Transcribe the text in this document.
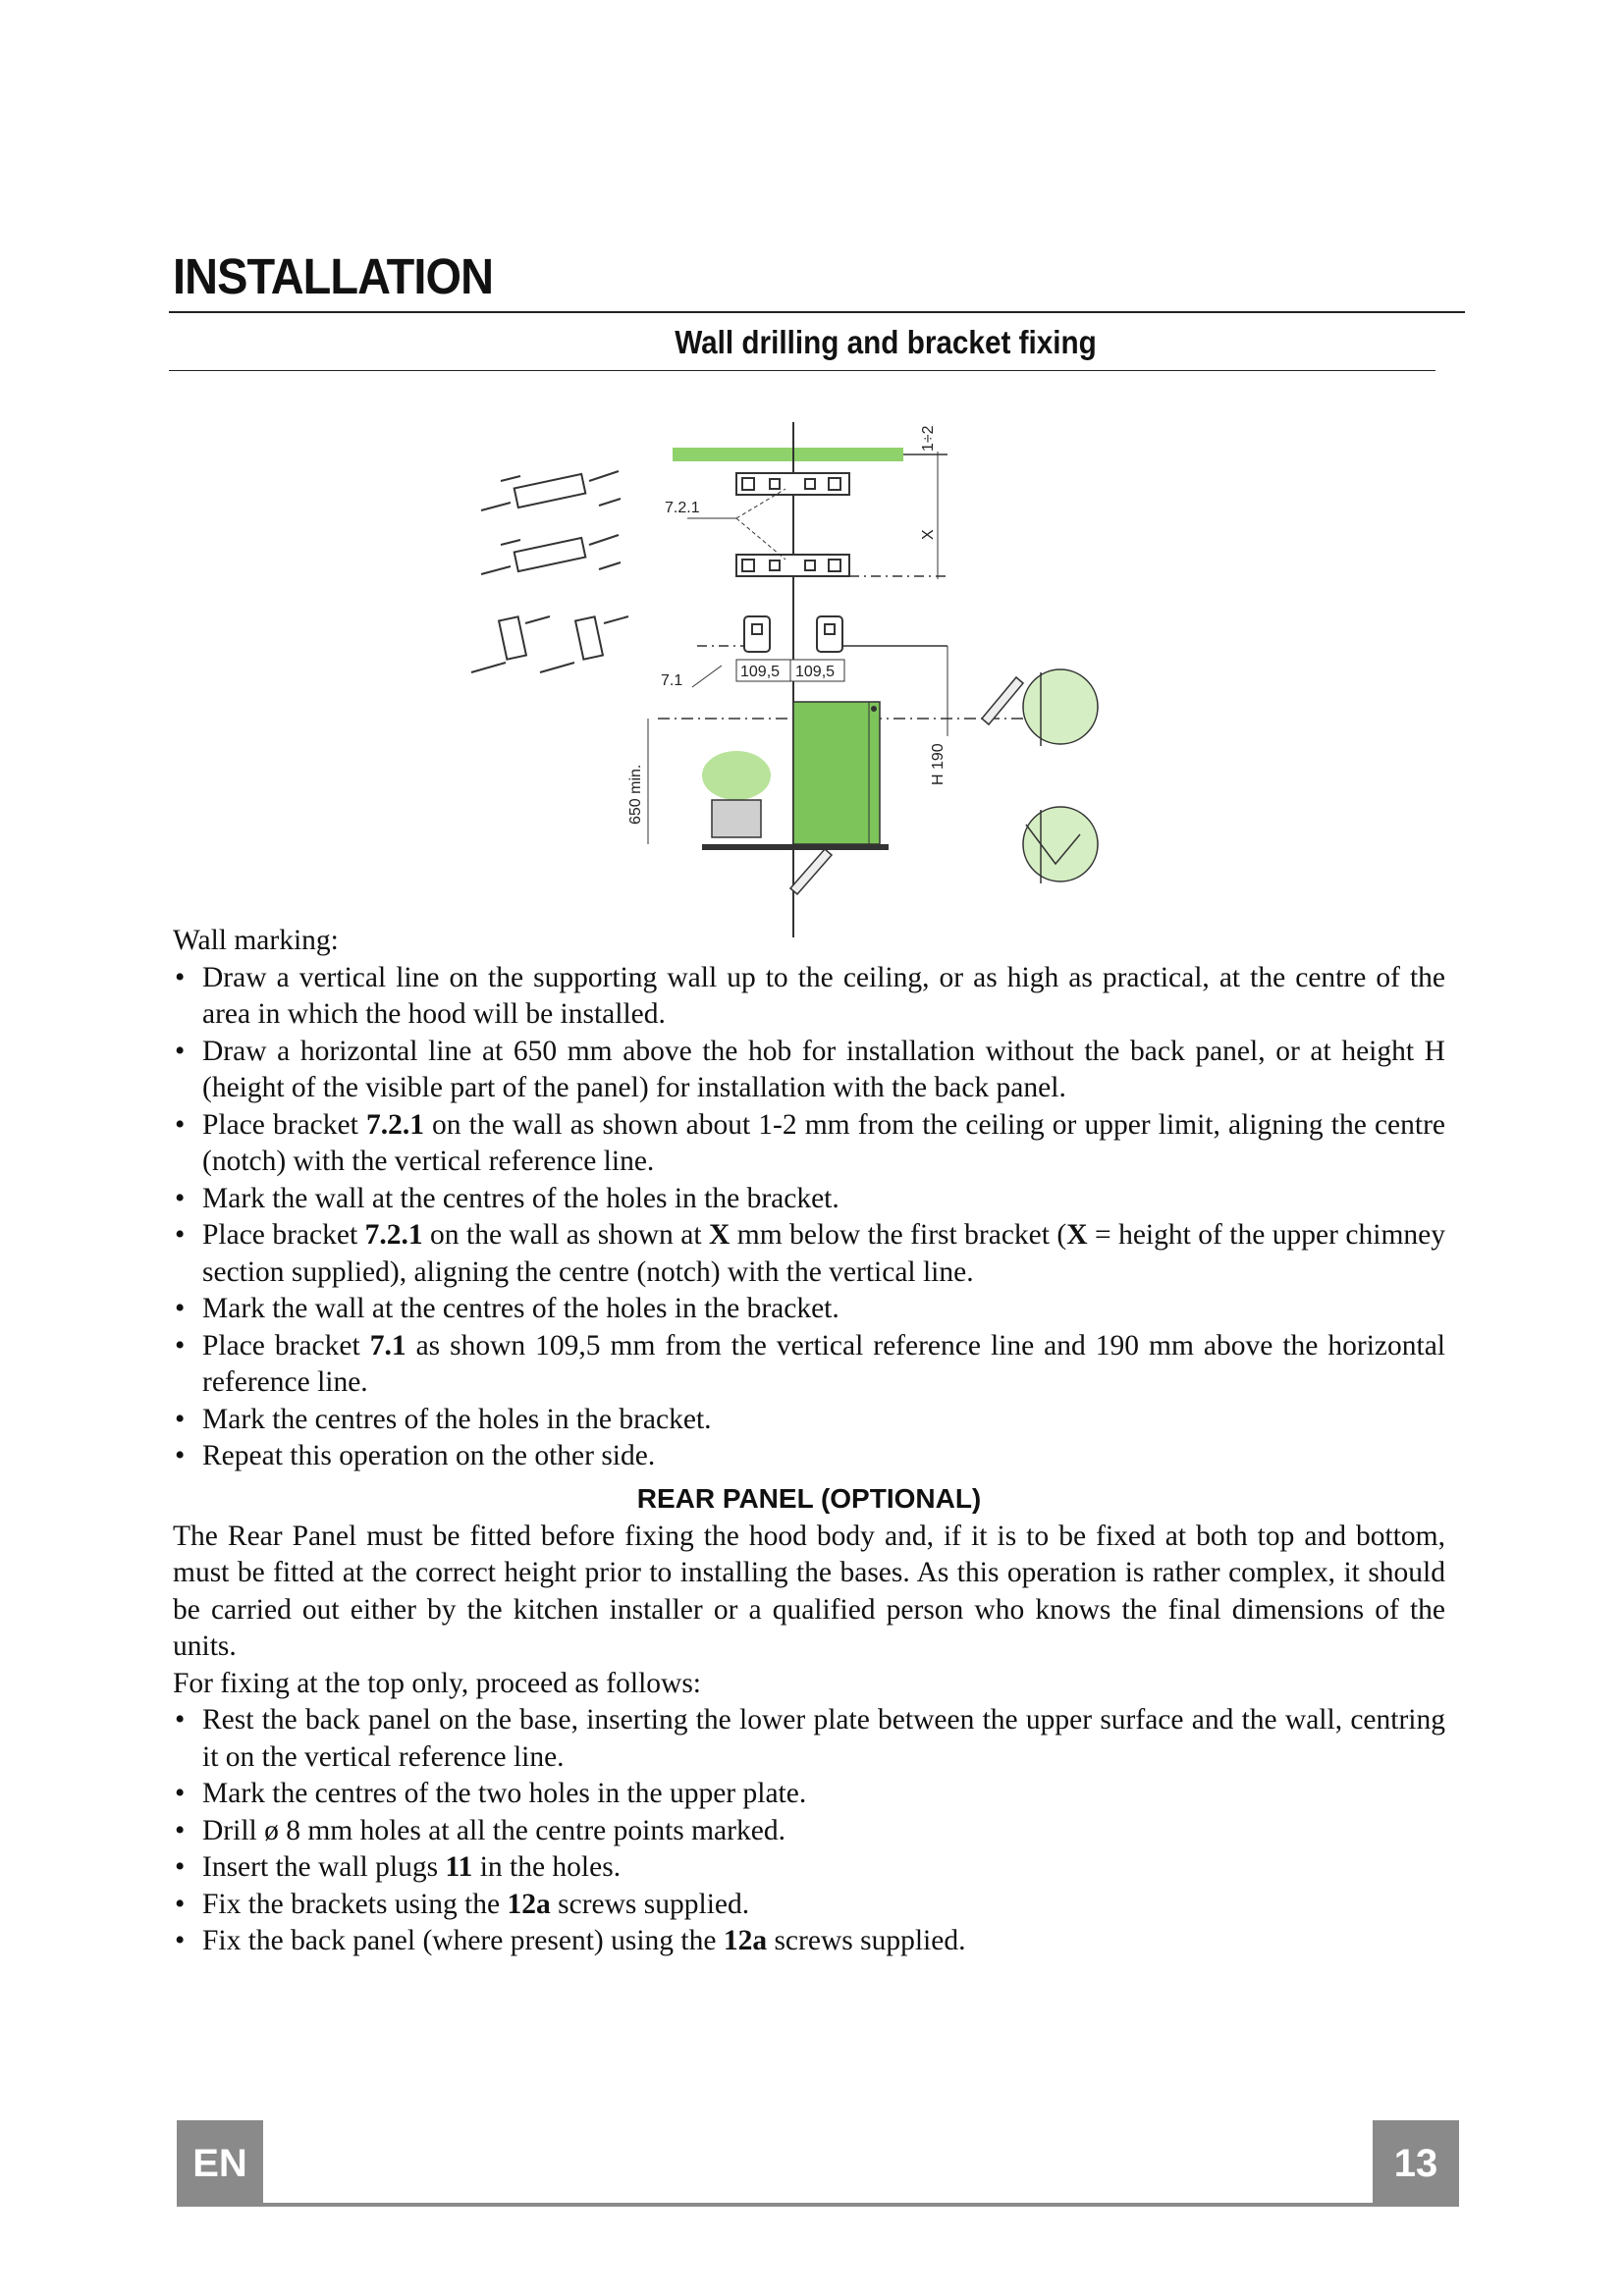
INSTALLATION
Wall drilling and bracket fixing
7.2.1
7.1
109,5 109,5
650 min.
X
1÷2
H 190

Wall marking:

• Draw a vertical line on the supporting wall up to the ceiling, or as high as practical, at the centre of the area in which the hood will be installed.
• Draw a horizontal line at 650 mm above the hob for installation without the back panel, or at height H (height of the visible part of the panel) for installation with the back panel.
• Place bracket 7.2.1 on the wall as shown about 1-2 mm from the ceiling or upper limit, aligning the centre (notch) with the vertical reference line.
• Mark the wall at the centres of the holes in the bracket.
• Place bracket 7.2.1 on the wall as shown at X mm below the first bracket (X = height of the upper chimney section supplied), aligning the centre (notch) with the vertical line.
• Mark the wall at the centres of the holes in the bracket.
• Place bracket 7.1 as shown 109,5 mm from the vertical reference line and 190 mm above the horizontal reference line.
• Mark the centres of the holes in the bracket.
• Repeat this operation on the other side.
REAR PANEL (OPTIONAL)

The Rear Panel must be fitted before fixing the hood body and, if it is to be fixed at both top and bottom, must be fitted at the correct height prior to installing the bases. As this operation is rather complex, it should be carried out either by the kitchen installer or a qualified person who knows the final dimensions of the units.

For fixing at the top only, proceed as follows:

• Rest the back panel on the base, inserting the lower plate between the upper surface and the wall, centring it on the vertical reference line.
• Mark the centres of the two holes in the upper plate.
• Drill ø 8 mm holes at all the centre points marked.
• Insert the wall plugs 11 in the holes.
• Fix the brackets using the 12a screws supplied.
• Fix the back panel (where present) using the 12a screws supplied.
EN	13
